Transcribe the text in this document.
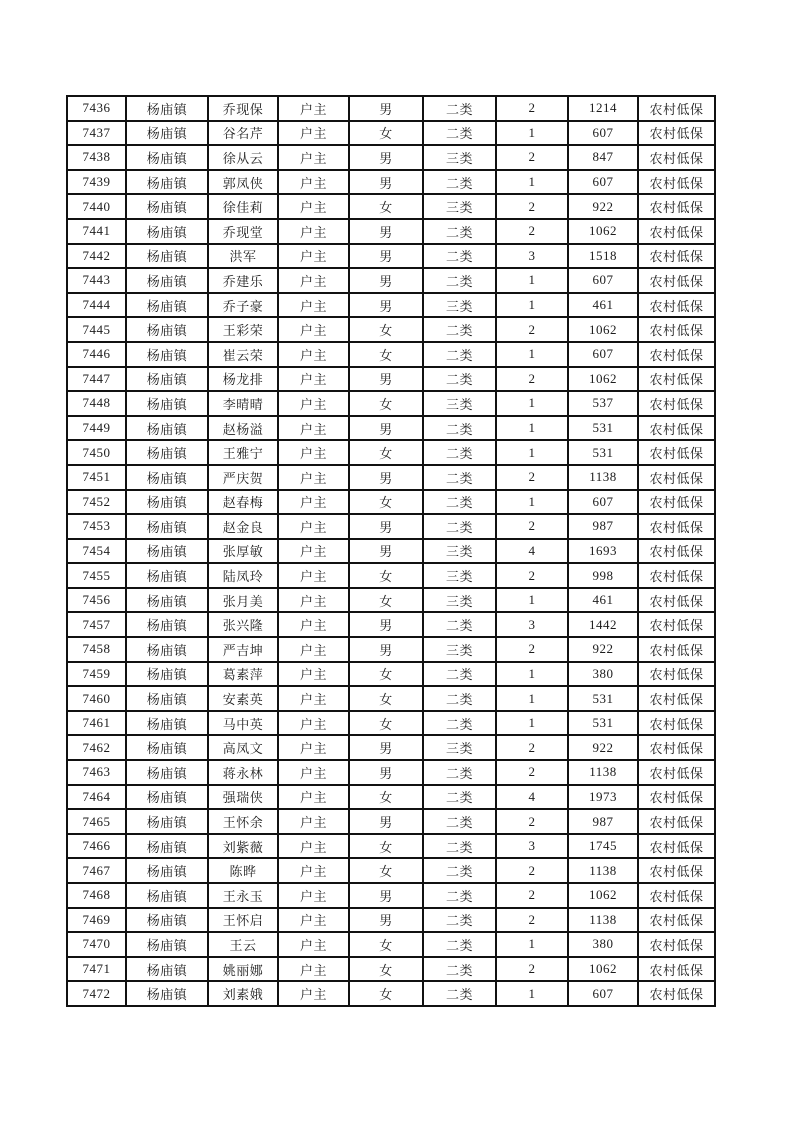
7436	杨庙镇	乔现保	户主	男	二类	2	1214	农村低保
7437	杨庙镇	谷名芹	户主	女	二类	1	607	农村低保
7438	杨庙镇	徐从云	户主	男	三类	2	847	农村低保
7439	杨庙镇	郭凤侠	户主	男	二类	1	607	农村低保
7440	杨庙镇	徐佳莉	户主	女	三类	2	922	农村低保
7441	杨庙镇	乔现堂	户主	男	二类	2	1062	农村低保
7442	杨庙镇	洪军	户主	男	二类	3	1518	农村低保
7443	杨庙镇	乔建乐	户主	男	二类	1	607	农村低保
7444	杨庙镇	乔子豪	户主	男	三类	1	461	农村低保
7445	杨庙镇	王彩荣	户主	女	二类	2	1062	农村低保
7446	杨庙镇	崔云荣	户主	女	二类	1	607	农村低保
7447	杨庙镇	杨龙排	户主	男	二类	2	1062	农村低保
7448	杨庙镇	李晴晴	户主	女	三类	1	537	农村低保
7449	杨庙镇	赵杨溢	户主	男	二类	1	531	农村低保
7450	杨庙镇	王雅宁	户主	女	二类	1	531	农村低保
7451	杨庙镇	严庆贺	户主	男	二类	2	1138	农村低保
7452	杨庙镇	赵春梅	户主	女	二类	1	607	农村低保
7453	杨庙镇	赵金良	户主	男	二类	2	987	农村低保
7454	杨庙镇	张厚敏	户主	男	三类	4	1693	农村低保
7455	杨庙镇	陆凤玲	户主	女	三类	2	998	农村低保
7456	杨庙镇	张月美	户主	女	三类	1	461	农村低保
7457	杨庙镇	张兴隆	户主	男	二类	3	1442	农村低保
7458	杨庙镇	严吉坤	户主	男	三类	2	922	农村低保
7459	杨庙镇	葛素萍	户主	女	二类	1	380	农村低保
7460	杨庙镇	安素英	户主	女	二类	1	531	农村低保
7461	杨庙镇	马中英	户主	女	二类	1	531	农村低保
7462	杨庙镇	高凤文	户主	男	三类	2	922	农村低保
7463	杨庙镇	蒋永林	户主	男	二类	2	1138	农村低保
7464	杨庙镇	强瑞侠	户主	女	二类	4	1973	农村低保
7465	杨庙镇	王怀余	户主	男	二类	2	987	农村低保
7466	杨庙镇	刘紫薇	户主	女	二类	3	1745	农村低保
7467	杨庙镇	陈晔	户主	女	二类	2	1138	农村低保
7468	杨庙镇	王永玉	户主	男	二类	2	1062	农村低保
7469	杨庙镇	王怀启	户主	男	二类	2	1138	农村低保
7470	杨庙镇	王云	户主	女	二类	1	380	农村低保
7471	杨庙镇	姚丽娜	户主	女	二类	2	1062	农村低保
7472	杨庙镇	刘素娥	户主	女	二类	1	607	农村低保
